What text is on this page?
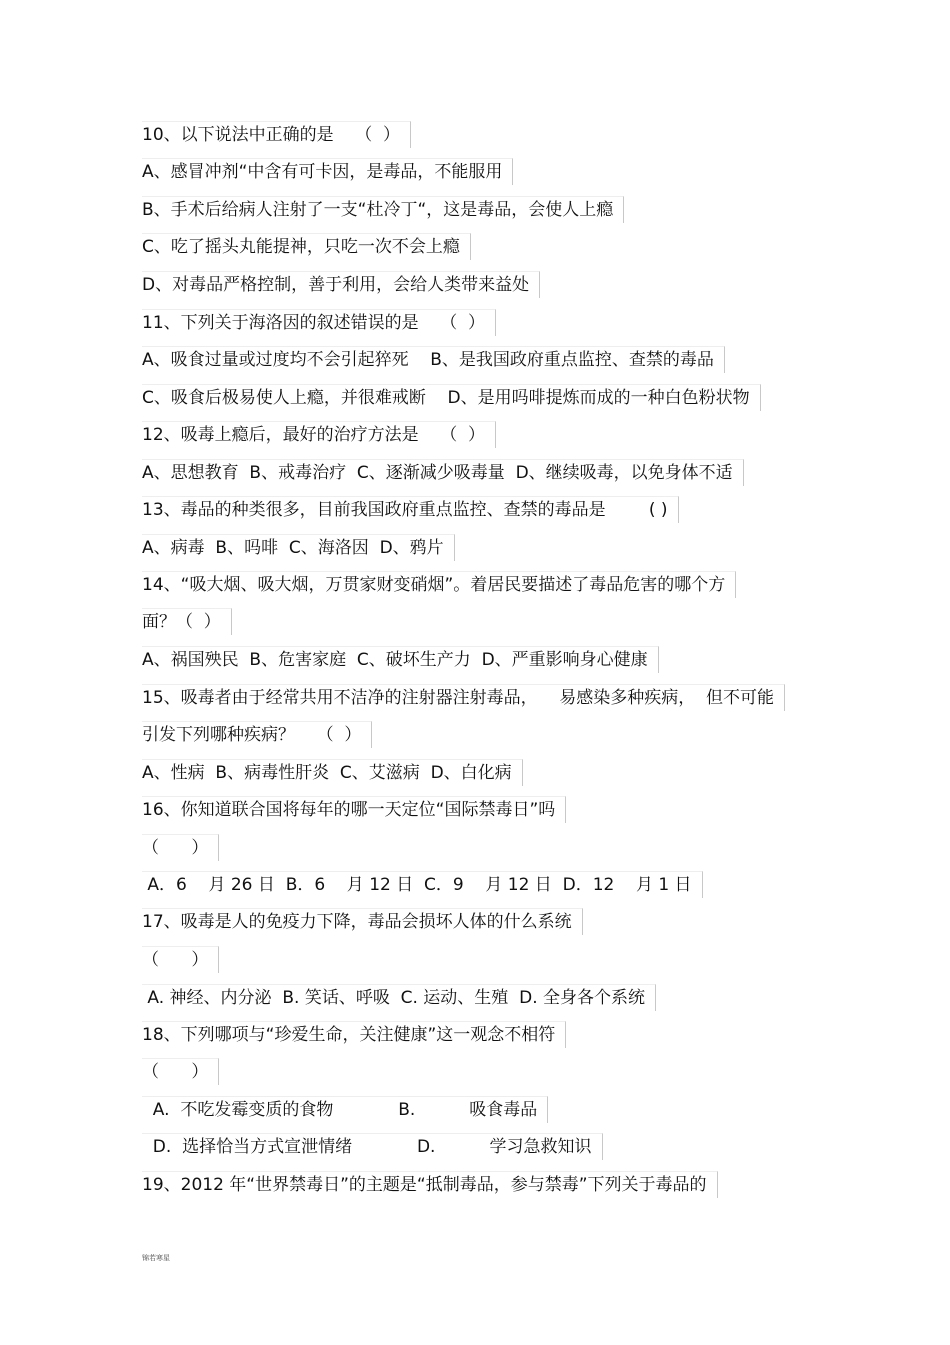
10、以下说法中正确的是    （  ）
A、感冒冲剂“中含有可卡因，是毒品，不能服用
B、手术后给病人注射了一支“杜冷丁“，这是毒品，会使人上瘾
C、吃了摇头丸能提神，只吃一次不会上瘾
D、对毒品严格控制，善于利用，会给人类带来益处
11、下列关于海洛因的叙述错误的是    （  ）
A、吸食过量或过度均不会引起猝死    B、是我国政府重点监控、查禁的毒品
C、吸食后极易使人上瘾，并很难戒断    D、是用吗啡提炼而成的一种白色粉状物
12、吸毒上瘾后，最好的治疗方法是    （  ）
A、思想教育  B、戒毒治疗  C、逐渐减少吸毒量  D、继续吸毒，以免身体不适
13、毒品的种类很多，目前我国政府重点监控、查禁的毒品是        ( )
A、病毒  B、吗啡  C、海洛因  D、鸦片
14、“吸大烟、吸大烟，万贯家财变硝烟”。着居民要描述了毒品危害的哪个方
面？（  ）
A、祸国殃民  B、危害家庭  C、破坏生产力  D、严重影响身心健康
15、吸毒者由于经常共用不洁净的注射器注射毒品，    易感染多种疾病，  但不可能
引发下列哪种疾病？    （  ）
A、性病  B、病毒性肝炎  C、艾滋病  D、白化病
16、你知道联合国将每年的哪一天定位“国际禁毒日”吗
（      ）
A．6    月 26 日  B．6    月 12 日  C．9    月 12 日  D．12    月 1 日
17、吸毒是人的免疫力下降，毒品会损坏人体的什么系统
（      ）
A. 神经、内分泌  B. 笑话、呼吸  C. 运动、生殖  D. 全身各个系统
18、下列哪项与“珍爱生命，关注健康”这一观念不相符
（      ）
A.  不吃发霉变质的食物            B.          吸食毒品
D.  选择恰当方式宣泄情绪            D.          学习急救知识
19、2012 年“世界禁毒日”的主题是“抵制毒品，参与禁毒”下列关于毒品的
锦若寒星
